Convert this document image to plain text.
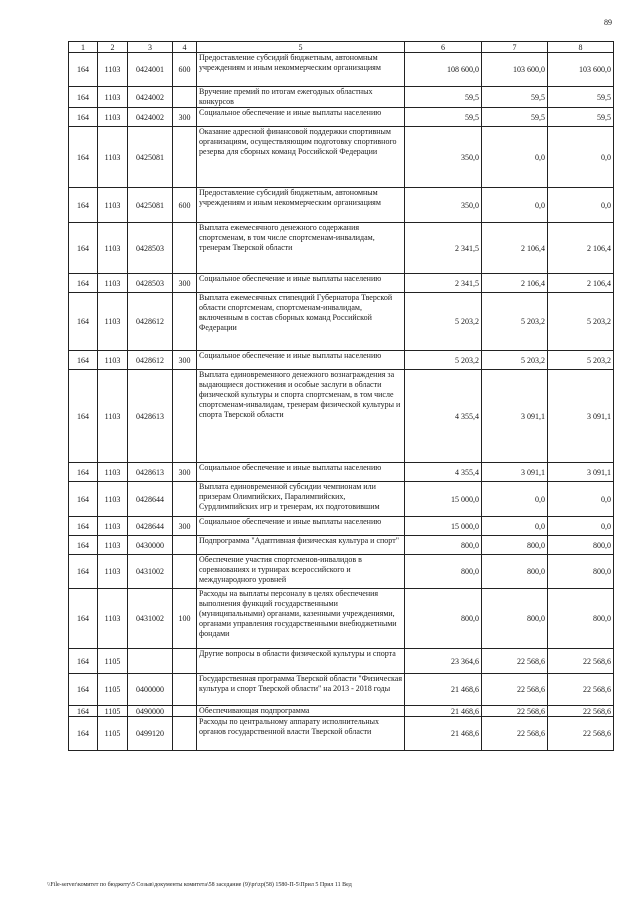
89
1	2	3	4	5	6	7	8
164	1103	0424001	600	Предоставление субсидий бюджетным, автономным учреждениям и иным некоммерческим организациям	108 600,0	103 600,0	103 600,0
164	1103	0424002		Вручение премий по итогам ежегодных областных конкурсов	59,5	59,5	59,5
164	1103	0424002	300	Социальное обеспечение и иные выплаты населению	59,5	59,5	59,5
164	1103	0425081		Оказание адресной финансовой поддержки спортивным организациям, осуществляющим подготовку спортивного резерва для сборных команд Российской Федерации	350,0	0,0	0,0
164	1103	0425081	600	Предоставление субсидий бюджетным, автономным учреждениям и иным некоммерческим организациям	350,0	0,0	0,0
164	1103	0428503		Выплата ежемесячного денежного содержания спортсменам, в том числе спортсменам-инвалидам, тренерам Тверской области	2 341,5	2 106,4	2 106,4
164	1103	0428503	300	Социальное обеспечение и иные выплаты населению	2 341,5	2 106,4	2 106,4
164	1103	0428612		Выплата ежемесячных стипендий Губернатора Тверской области спортсменам, спортсменам-инвалидам, включенным в состав сборных команд Российской Федерации	5 203,2	5 203,2	5 203,2
164	1103	0428612	300	Социальное обеспечение и иные выплаты населению	5 203,2	5 203,2	5 203,2
164	1103	0428613		Выплата единовременного денежного вознаграждения за выдающиеся достижения и особые заслуги в области физической культуры и спорта спортсменам, в том числе спортсменам-инвалидам, тренерам физической культуры и спорта Тверской области	4 355,4	3 091,1	3 091,1
164	1103	0428613	300	Социальное обеспечение и иные выплаты населению	4 355,4	3 091,1	3 091,1
164	1103	0428644		Выплата единовременной субсидии чемпионам или призерам Олимпийских, Паралимпийских, Сурдлимпийских игр и тренерам, их подготовившим	15 000,0	0,0	0,0
164	1103	0428644	300	Социальное обеспечение и иные выплаты населению	15 000,0	0,0	0,0
164	1103	0430000		Подпрограмма "Адаптивная физическая культура и спорт"	800,0	800,0	800,0
164	1103	0431002		Обеспечение участия спортсменов-инвалидов в соревнованиях и турнирах всероссийского и международного уровней	800,0	800,0	800,0
164	1103	0431002	100	Расходы на выплаты персоналу в целях обеспечения выполнения функций государственными (муниципальными) органами, казенными учреждениями, органами управления государственными внебюджетными фондами	800,0	800,0	800,0
164	1105			Другие вопросы в области физической культуры и спорта	23 364,6	22 568,6	22 568,6
164	1105	0400000		Государственная программа Тверской области "Физическая культура и спорт Тверской области" на 2013 - 2018 годы	21 468,6	22 568,6	22 568,6
164	1105	0490000		Обеспечивающая подпрограмма	21 468,6	22 568,6	22 568,6
164	1105	0499120		Расходы по центральному аппарату исполнительных органов государственной власти Тверской области	21 468,6	22 568,6	22 568,6
\\File-server\комитет по бюджету\5 Созыв\документы комитета\58 заседание (9)\pr\zp(58) 1580-П-5\Прил 5 Прил 11 Вед
